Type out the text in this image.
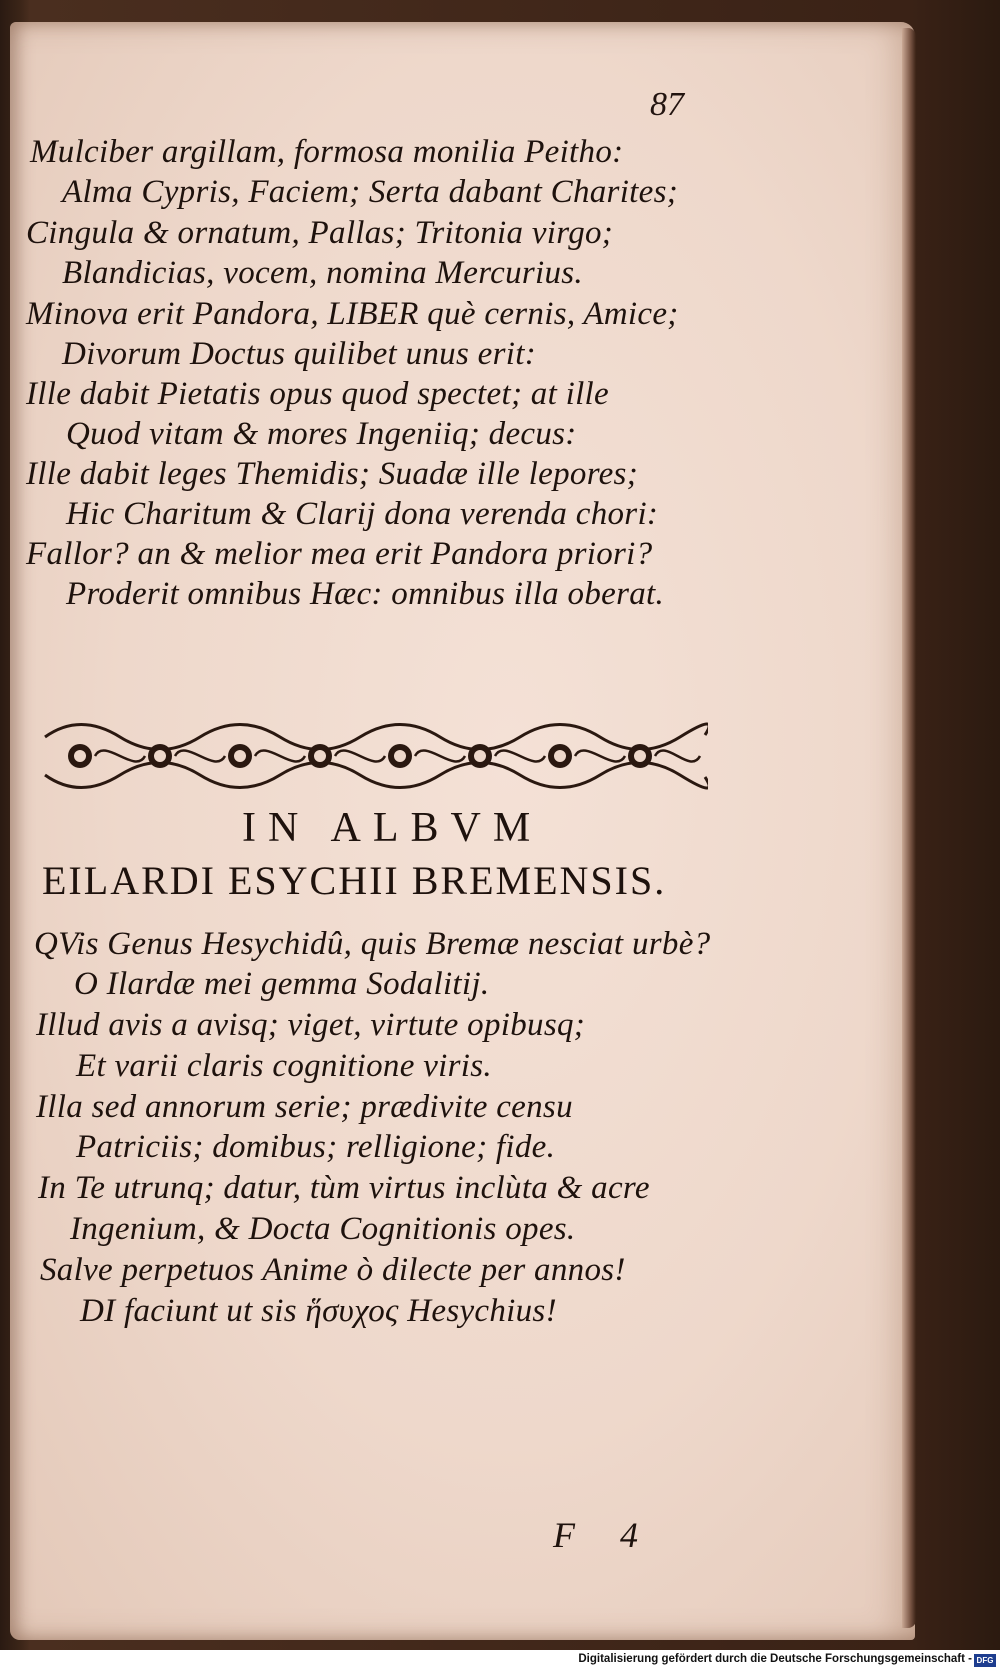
87
Mulciber argillam, formosa monilia Peitho:
Alma Cypris, Faciem; Serta dabant Charites;
Cingula & ornatum, Pallas; Tritonia virgo;
Blandicias, vocem, nomina Mercurius.
Minova erit Pandora, LIBER què cernis, Amice;
Divorum Doctus quilibet unus erit:
Ille dabit Pietatis opus quod spectet; at ille
Quod vitam & mores Ingeniiq; decus:
Ille dabit leges Themidis; Suadæ ille lepores;
Hic Charitum & Clarij dona verenda chori:
Fallor? an & melior mea erit Pandora priori?
Proderit omnibus Hæc: omnibus illa oberat.
IN ALBVM
EILARDI ESYCHII BREMENSIS.
QVis Genus Hesychidû, quis Bremæ nesciat urbè?
O Ilardæ mei gemma Sodalitij.
Illud avis a avisq; viget, virtute opibusq;
Et varii claris cognitione viris.
Illa sed annorum serie; prædivite censu
Patriciis; domibus; relligione; fide.
In Te utrunq; datur, tùm virtus inclùta & acre
Ingenium, & Docta Cognitionis opes.
Salve perpetuos Anime ò dilecte per annos!
DI faciunt ut sis ἥσυχος Hesychius!
F 4
Digitalisierung gefördert durch die Deutsche Forschungsgemeinschaft - DFG
